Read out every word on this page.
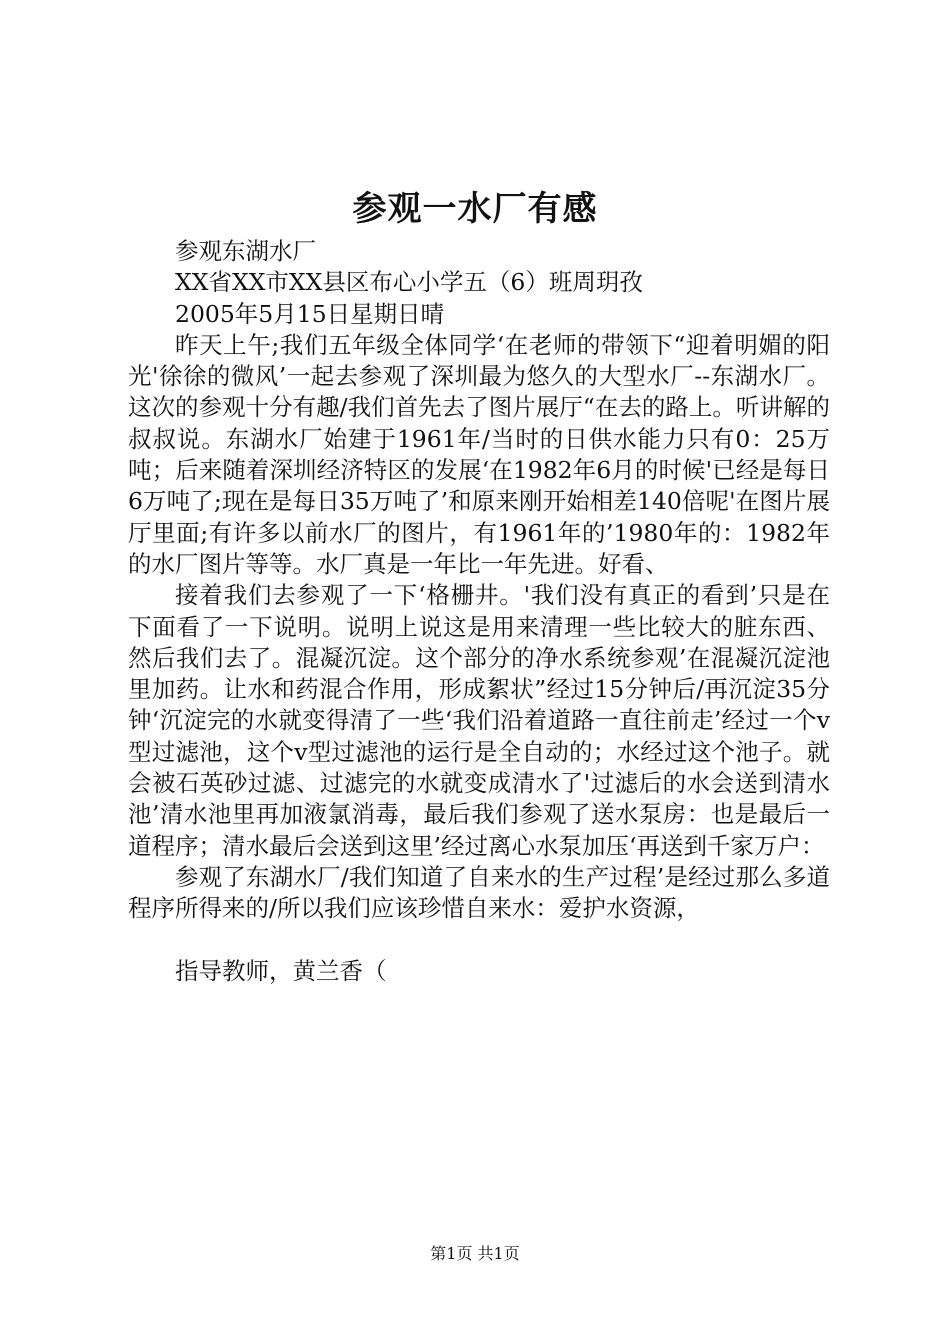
参观一水厂有感

参观东湖水厂

XX省XX市XX县区布心小学五（6）班周玥孜

2005年5月15日星期日晴

昨天上午;我们五年级全体同学‘在老师的带领下“迎着明媚的阳光'徐徐的微风’一起去参观了深圳最为悠久的大型水厂--东湖水厂。这次的参观十分有趣/我们首先去了图片展厅“在去的路上。听讲解的叔叔说。东湖水厂始建于1961年/当时的日供水能力只有0：25万吨；后来随着深圳经济特区的发展‘在1982年6月的时候'已经是每日6万吨了;现在是每日35万吨了’和原来刚开始相差140倍呢'在图片展厅里面;有许多以前水厂的图片，有1961年的’1980年的：1982年的水厂图片等等。水厂真是一年比一年先进。好看、

接着我们去参观了一下‘格栅井。'我们没有真正的看到’只是在下面看了一下说明。说明上说这是用来清理一些比较大的脏东西、然后我们去了。混凝沉淀。这个部分的净水系统参观’在混凝沉淀池里加药。让水和药混合作用，形成絮状”经过15分钟后/再沉淀35分钟‘沉淀完的水就变得清了一些‘我们沿着道路一直往前走’经过一个v型过滤池，这个v型过滤池的运行是全自动的；水经过这个池子。就会被石英砂过滤、过滤完的水就变成清水了'过滤后的水会送到清水池’清水池里再加液氯消毒，最后我们参观了送水泵房：也是最后一道程序；清水最后会送到这里’经过离心水泵加压‘再送到千家万户：

参观了东湖水厂/我们知道了自来水的生产过程’是经过那么多道程序所得来的/所以我们应该珍惜自来水：爱护水资源，

指导教师，黄兰香（

第1页 共1页
